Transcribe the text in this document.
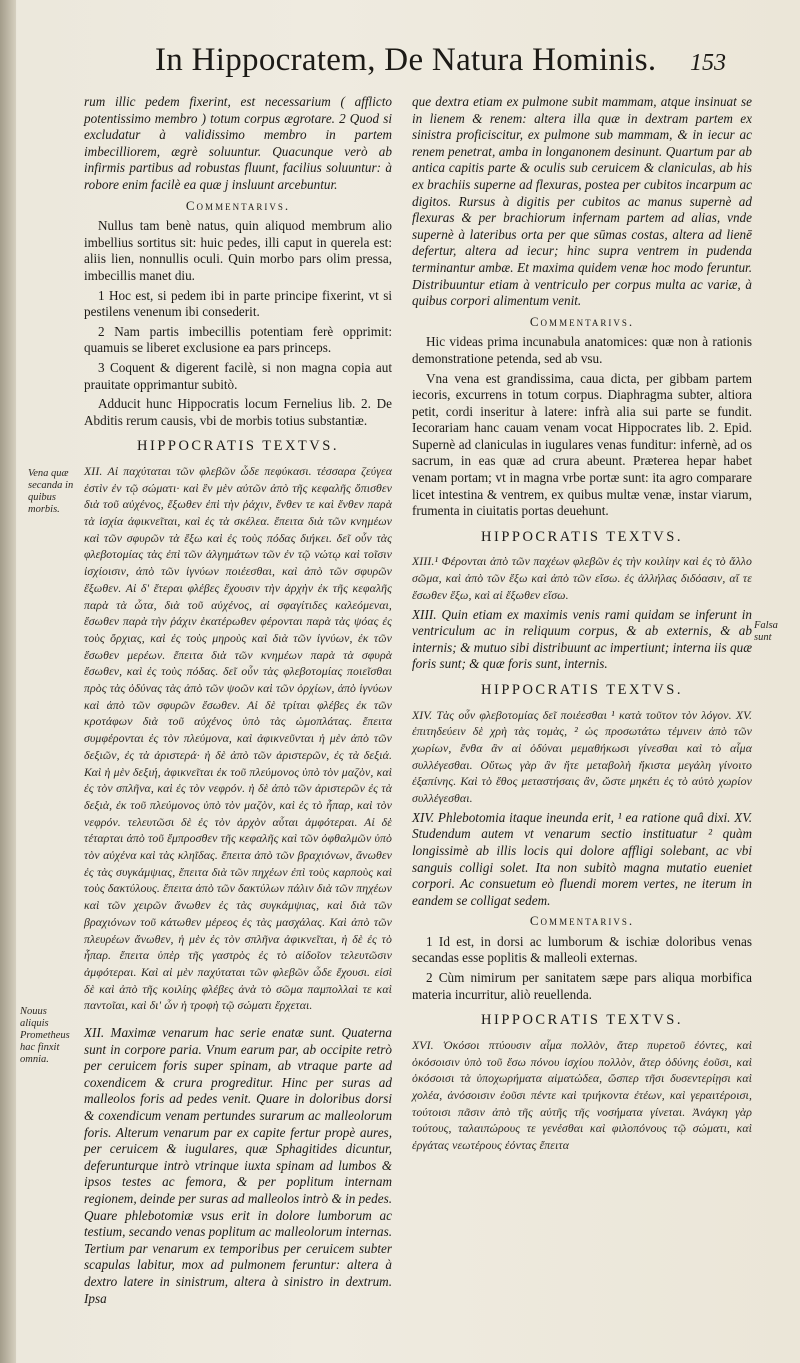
In Hippocratem, De Natura Hominis. 153

rum illic pedem fixerint, est necessarium ( afflicto potentissimo membro ) totum corpus ægrotare. 2 Quod si excludatur à validissimo membro in partem imbecilliorem, ægrè soluuntur. Quacunque verò ab infirmis partibus ad robustas fluunt, facilius soluuntur: à robore enim facilè ea quæ j insluunt arcebuntur.

Commentarivs.

Nullus tam benè natus, quin aliquod membrum alio imbellius sortitus sit: huic pedes, illi caput in querela est: aliis lien, nonnullis oculi. Quin morbo pars olim pressa, imbecillis manet diu.

1 Hoc est, si pedem ibi in parte principe fixerint, vt si pestilens venenum ibi consederit.

2 Nam partis imbecillis potentiam ferè opprimit: quamuis se liberet exclusione ea pars princeps.

3 Coquent & digerent facilè, si non magna copia aut prauitate opprimantur subitò.

Adducit hunc Hippocratis locum Fernelius lib. 2. De Abditis rerum causis, vbi de morbis totius substantiæ.

HIPPOCRATIS TEXTVS.

XII. Αἱ παχύταται τῶν φλεβῶν ὧδε πεφύκασι. τέσσαρα ζεύγεα ἐστὶν ἐν τῷ σώματι· καὶ ἓν μὲν αὐτῶν ἀπὸ τῆς κεφαλῆς ὄπισθεν διὰ τοῦ αὐχένος, ἔξωθεν ἐπὶ τὴν ῥάχιν, ἔνθεν τε καὶ ἔνθεν παρὰ τὰ ἰσχία ἀφικνεῖται, καὶ ἐς τὰ σκέλεα. ἔπειτα διὰ τῶν κνημέων καὶ τῶν σφυρῶν τὰ ἔξω καὶ ἐς τοὺς πόδας διήκει. δεῖ οὖν τὰς φλεβοτομίας τὰς ἐπὶ τῶν ἀλγημάτων τῶν ἐν τῷ νώτῳ καὶ τοῖσιν ἰσχίοισιν, ἀπὸ τῶν ἰγνύων ποιέεσθαι, καὶ ἀπὸ τῶν σφυρῶν ἔξωθεν. Αἱ δ' ἕτεραι φλέβες ἔχουσιν τὴν ἀρχὴν ἐκ τῆς κεφαλῆς παρὰ τὰ ὦτα, διὰ τοῦ αὐχένος, αἱ σφαγίτιδες καλεόμεναι, ἔσωθεν παρὰ τὴν ῥάχιν ἑκατέρωθεν φέρονται παρὰ τὰς ψόας ἐς τοὺς ὄρχιας, καὶ ἐς τοὺς μηροὺς καὶ διὰ τῶν ἰγνύων, ἐκ τῶν ἔσωθεν μερέων. ἔπειτα διὰ τῶν κνημέων παρὰ τὰ σφυρὰ ἔσωθεν, καὶ ἐς τοὺς πόδας. δεῖ οὖν τὰς φλεβοτομίας ποιεῖσθαι πρὸς τὰς ὀδύνας τὰς ἀπὸ τῶν ψοῶν καὶ τῶν ὀρχίων, ἀπὸ ἰγνύων καὶ ἀπὸ τῶν σφυρῶν ἔσωθεν. Αἱ δὲ τρίται φλέβες ἐκ τῶν κροτάφων διὰ τοῦ αὐχένος ὑπὸ τὰς ὠμοπλάτας. ἔπειτα συμφέρονται ἐς τὸν πλεύμονα, καὶ ἀφικνεῦνται ἡ μὲν ἀπὸ τῶν δεξιῶν, ἐς τὰ ἀριστερά· ἡ δὲ ἀπὸ τῶν ἀριστερῶν, ἐς τὰ δεξιά. Καὶ ἡ μὲν δεξιή, ἀφικνεῖται ἐκ τοῦ πλεύμονος ὑπὸ τὸν μαζὸν, καὶ ἐς τὸν σπλῆνα, καὶ ἐς τὸν νεφρόν. ἡ δὲ ἀπὸ τῶν ἀριστερῶν ἐς τὰ δεξιὰ, ἐκ τοῦ πλεύμονος ὑπὸ τὸν μαζὸν, καὶ ἐς τὸ ἧπαρ, καὶ τὸν νεφρόν. τελευτῶσι δὲ ἐς τὸν ἀρχὸν αὗται ἀμφότεραι. Αἱ δὲ τέταρται ἀπὸ τοῦ ἔμπροσθεν τῆς κεφαλῆς καὶ τῶν ὀφθαλμῶν ὑπὸ τὸν αὐχένα καὶ τὰς κληῖδας. ἔπειτα ἀπὸ τῶν βραχιόνων, ἄνωθεν ἐς τὰς συγκάμψιας, ἔπειτα διὰ τῶν πηχέων ἐπὶ τοὺς καρποὺς καὶ τοὺς δακτύλους. ἔπειτα ἀπὸ τῶν δακτύλων πάλιν διὰ τῶν πηχέων καὶ τῶν χειρῶν ἄνωθεν ἐς τὰς συγκάμψιας, καὶ διὰ τῶν βραχιόνων τοῦ κάτωθεν μέρεος ἐς τὰς μασχάλας. Καὶ ἀπὸ τῶν πλευρέων ἄνωθεν, ἡ μὲν ἐς τὸν σπλῆνα ἀφικνεῖται, ἡ δὲ ἐς τὸ ἧπαρ. ἔπειτα ὑπὲρ τῆς γαστρὸς ἐς τὸ αἰδοῖον τελευτῶσιν ἀμφότεραι. Καὶ αἱ μὲν παχύταται τῶν φλεβῶν ὧδε ἔχουσι. εἰσὶ δὲ καὶ ἀπὸ τῆς κοιλίης φλέβες ἀνὰ τὸ σῶμα παμπολλαὶ τε καὶ παντοῖαι, καὶ δι' ὧν ἡ τροφὴ τῷ σώματι ἔρχεται.

XII. Maximæ venarum hac serie enatæ sunt. Quaterna sunt in corpore paria. Vnum earum par, ab occipite retrò per ceruicem foris super spinam, ab vtraque parte ad coxendicem & crura progreditur. Hinc per suras ad malleolos foris ad pedes venit. Quare in doloribus dorsi & coxendicum venam pertundes surarum ac malleolorum foris. Alterum venarum par ex capite fertur propè aures, per ceruicem & iugulares, quæ Sphagitides dicuntur, deferunturque intrò vtrinque iuxta spinam ad lumbos & ipsos testes ac femora, & per poplitum internam regionem, deinde per suras ad malleolos intrò & in pedes. Quare phlebotomiæ vsus erit in dolore lumborum ac testium, secando venas poplitum ac malleolorum internas. Tertium par venarum ex temporibus per ceruicem subter scapulas labitur, mox ad pulmonem feruntur: altera à dextro latere in sinistrum, altera à sinistro in dextrum. Ipsa

que dextra etiam ex pulmone subit mammam, atque insinuat se in lienem & renem: altera illa quæ in dextram partem ex sinistra proficiscitur, ex pulmone sub mammam, & in iecur ac renem penetrat, amba in longanonem desinunt. Quartum par ab antica capitis parte & oculis sub ceruicem & claniculas, ab his ex brachiis superne ad flexuras, postea per cubitos incarpum ac digitos. Rursus à digitis per cubitos ac manus supernè ad flexuras & per brachiorum infernam partem ad alias, vnde supernè à lateribus orta per que sūmas costas, altera ad lienē defertur, altera ad iecur; hinc supra ventrem in pudenda terminantur ambæ. Et maxima quidem venæ hoc modo feruntur. Distribuuntur etiam à ventriculo per corpus multa ac variæ, à quibus corpori alimentum venit.

Commentarivs.

Hic videas prima incunabula anatomices: quæ non à rationis demonstratione petenda, sed ab vsu.

Vna vena est grandissima, caua dicta, per gibbam partem iecoris, excurrens in totum corpus. Diaphragma subter, altiora petit, cordi inseritur à latere: infrà alia sui parte se fundit. Iecorariam hanc cauam venam vocat Hippocrates lib. 2. Epid. Supernè ad claniculas in iugulares venas funditur: infernè, ad os sacrum, in eas quæ ad crura abeunt. Præterea hepar habet venam portam; vt in magna vrbe portæ sunt: ita agro comparare licet intestina & ventrem, ex quibus multæ venæ, instar viarum, frumenta in ciuitatis portas deuehunt.

HIPPOCRATIS TEXTVS.

XIII.¹ Φέρονται ἀπὸ τῶν παχέων φλεβῶν ἐς τὴν κοιλίην καὶ ἐς τὸ ἄλλο σῶμα, καὶ ἀπὸ τῶν ἔξω καὶ ἀπὸ τῶν εἴσω. ἐς ἀλλήλας διδόασιν, αἵ τε ἔσωθεν ἔξω, καὶ αἱ ἔξωθεν εἴσω.

XIII. Quin etiam ex maximis venis rami quidam se inferunt in ventriculum ac in reliquum corpus, & ab externis, & ab internis; & mutuo sibi distribuunt ac impertiunt; interna iis quæ foris sunt; & quæ foris sunt, internis.

HIPPOCRATIS TEXTVS.

XIV. Τὰς οὖν φλεβοτομίας δεῖ ποιέεσθαι ¹ κατὰ τοῦτον τὸν λόγον. XV. ἐπιτηδεύειν δὲ χρὴ τὰς τομὰς, ² ὡς προσωτάτω τέμνειν ἀπὸ τῶν χωρίων, ἔνθα ἂν αἱ ὀδύναι μεμαθήκωσι γίνεσθαι καὶ τὸ αἷμα συλλέγεσθαι. Οὕτως γὰρ ἂν ἥτε μεταβολὴ ἥκιστα μεγάλη γίνοιτο ἐξαπίνης. Καὶ τὸ ἔθος μεταστήσαις ἂν, ὥστε μηκέτι ἐς τὸ αὐτὸ χωρίον συλλέγεσθαι.

XIV. Phlebotomia itaque ineunda erit, ¹ ea ratione quâ dixi. XV. Studendum autem vt venarum sectio instituatur ² quàm longissimè ab illis locis qui dolore affligi solebant, ac vbi sanguis colligi solet. Ita non subitò magna mutatio eueniet corpori. Ac consuetum eò fluendi morem vertes, ne iterum in eandem se colligat sedem.

Commentarivs.

1 Id est, in dorsi ac lumborum & ischiæ doloribus venas secandas esse poplitis & malleoli externas.

2 Cùm nimirum per sanitatem sæpe pars aliqua morbifica materia incurritur, aliò reuellenda.

HIPPOCRATIS TEXTVS.

XVI. Ὁκόσοι πτύουσιν αἷμα πολλὸν, ἄτερ πυρετοῦ ἐόντες, καὶ ὁκόσοισιν ὑπὸ τοῦ ἔσω πόνου ἰσχίου πολλὸν, ἄτερ ὀδύνης ἐοῦσι, καὶ ὁκόσοισι τὰ ὑποχωρήματα αἱματώδεα, ὥσπερ τῆσι δυσεντερίῃσι καὶ χολέα, ἀνόσοισιν ἐοῦσι πέντε καὶ τριήκοντα ἐτέων, καὶ γεραιτέροισι, τούτοισι πᾶσιν ἀπὸ τῆς αὐτῆς τῆς νοσήματα γίνεται. Ἀνάγκη γὰρ τούτους, ταλαιπώρους τε γενέσθαι καὶ φιλοπόνους τῷ σώματι, καὶ ἐργάτας νεωτέρους ἐόντας ἔπειτα

Vena quæ secanda in quibus morbis.
Falsa sunt
Nouus aliquis Prometheus hac finxit omnia.
